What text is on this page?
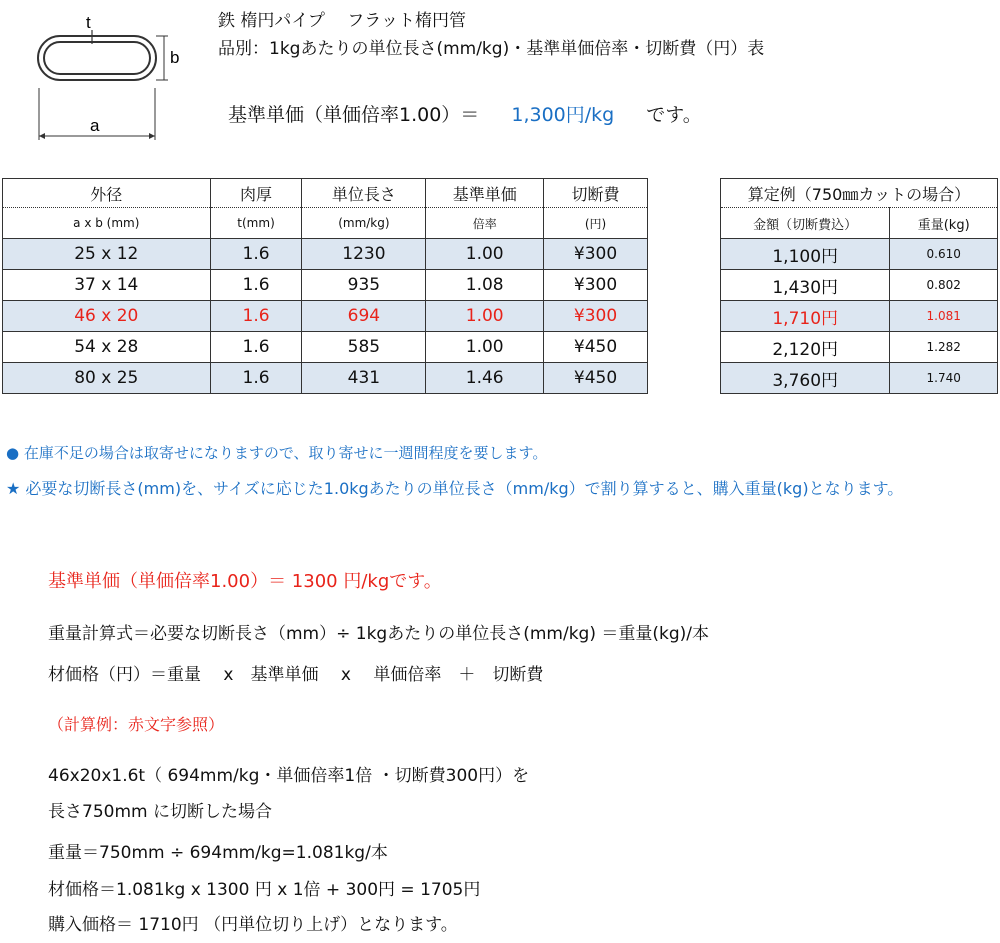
t
b
a
鉄 楕円パイプ　 フラット楕円管
品別：1kgあたりの単位長さ(mm/kg)・基準単価倍率・切断費（円）表
基準単価（単価倍率1.00）＝ 1,300円/kg です。
外径	肉厚	単位長さ	基準単価	切断費
a x b (mm)	t(mm)	(mm/kg)	倍率	(円)
25 x 12	1.6	1230	1.00	¥300
37 x 14	1.6	935	1.08	¥300
46 x 20	1.6	694	1.00	¥300
54 x 28	1.6	585	1.00	¥450
80 x 25	1.6	431	1.46	¥450
算定例（750㎜カットの場合）	
金額（切断費込）	重量(kg)
1,100円	0.610
1,430円	0.802
1,710円	1.081
2,120円	1.282
3,760円	1.740
● 在庫不足の場合は取寄せになりますので、取り寄せに一週間程度を要します。
★ 必要な切断長さ(mm)を、サイズに応じた1.0kgあたりの単位長さ（mm/kg）で割り算すると、購入重量(kg)となります。
基準単価（単価倍率1.00）＝ 1300 円/kgです。
重量計算式＝必要な切断長さ（mm）÷ 1kgあたりの単位長さ(mm/kg) ＝重量(kg)/本
材価格（円）＝重量　 x　基準単価　 x　 単価倍率　＋　切断費
（計算例：赤文字参照）
46x20x1.6t（ 694mm/kg・単価倍率1倍 ・切断費300円）を
長さ750mm に切断した場合
重量＝750mm ÷ 694mm/kg=1.081kg/本
材価格＝1.081kg x 1300 円 x 1倍 + 300円 = 1705円
購入価格＝ 1710円 （円単位切り上げ）となります。
